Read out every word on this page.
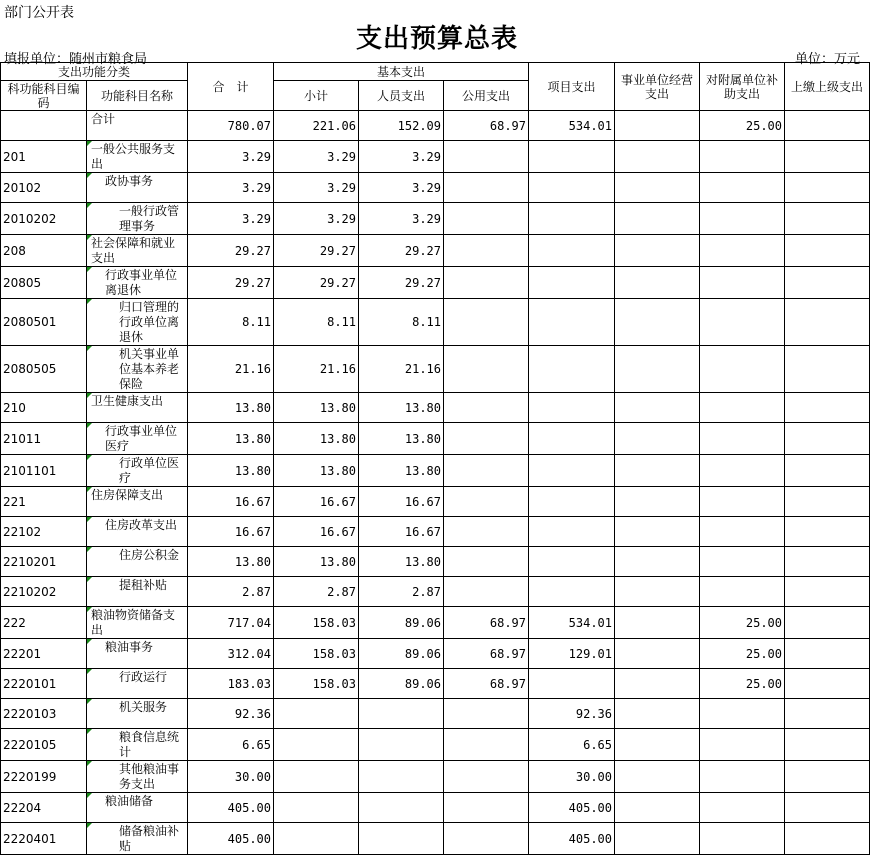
部门公开表
支出预算总表
填报单位：随州市粮食局	单位：万元
支出功能分类		合　计	基本支出			项目支出	事业单位经营支出	对附属单位补助支出	上缴上级支出
科功能科目编码	功能科目名称		小计	人员支出	公用支出				

	合计	780.07	221.06	152.09	68.97	534.01		25.00	
201	一般公共服务支出	3.29	3.29	3.29					
20102	政协事务	3.29	3.29	3.29					
2010202	一般行政管理事务	3.29	3.29	3.29					
208	社会保障和就业支出	29.27	29.27	29.27					
20805	行政事业单位离退休	29.27	29.27	29.27					
2080501	归口管理的行政单位离退休	8.11	8.11	8.11					
2080505	机关事业单位基本养老保险	21.16	21.16	21.16					
210	卫生健康支出	13.80	13.80	13.80					
21011	行政事业单位医疗	13.80	13.80	13.80					
2101101	行政单位医疗	13.80	13.80	13.80					
221	住房保障支出	16.67	16.67	16.67					
22102	住房改革支出	16.67	16.67	16.67					
2210201	住房公积金	13.80	13.80	13.80					
2210202	提租补贴	2.87	2.87	2.87					
222	粮油物资储备支出	717.04	158.03	89.06	68.97	534.01		25.00	
22201	粮油事务	312.04	158.03	89.06	68.97	129.01		25.00	
2220101	行政运行	183.03	158.03	89.06	68.97			25.00	
2220103	机关服务	92.36				92.36			
2220105	粮食信息统计	6.65				6.65			
2220199	其他粮油事务支出	30.00				30.00			
22204	粮油储备	405.00				405.00			
2220401	储备粮油补贴	405.00				405.00			
